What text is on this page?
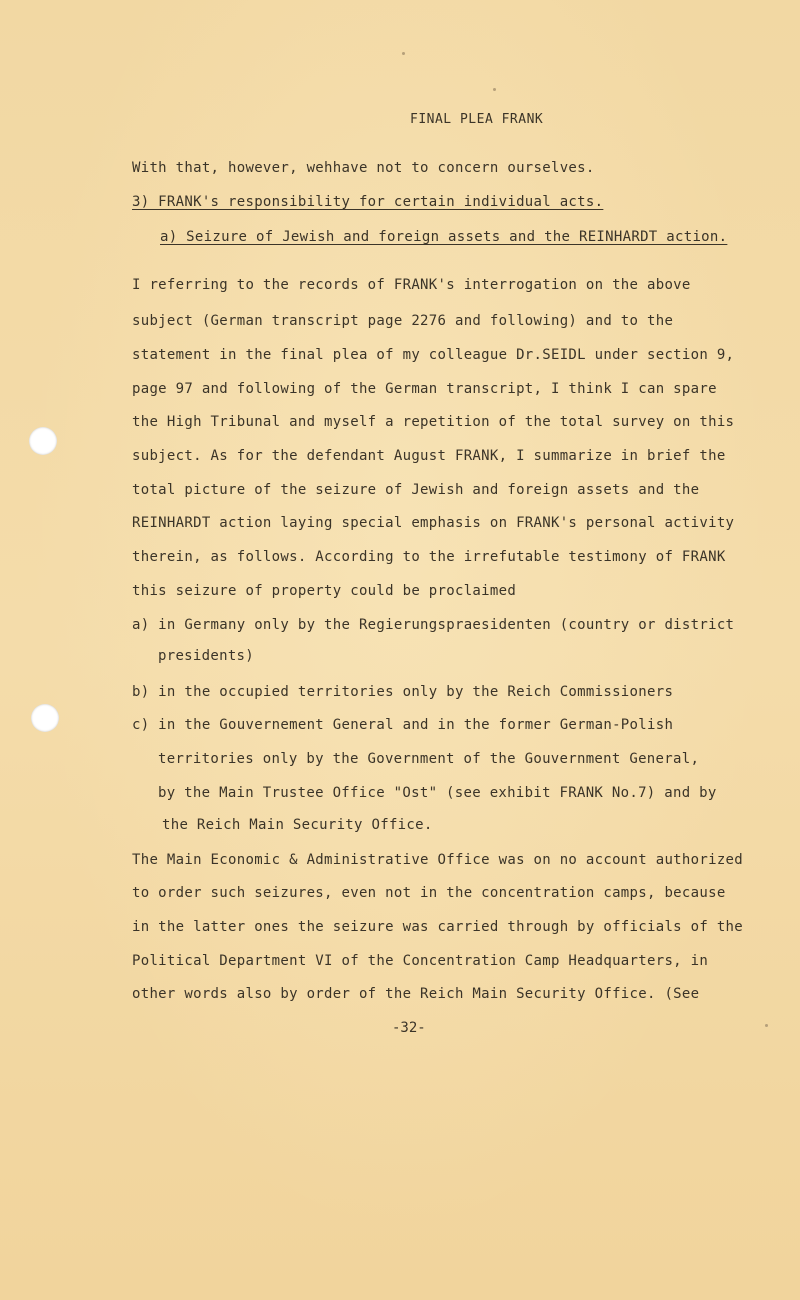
FINAL PLEA FRANK
With that, however, wehhave not to concern ourselves.
3) FRANK's responsibility for certain individual acts.
a) Seizure of Jewish and foreign assets and the REINHARDT action.
I referring to the records of FRANK's interrogation on the above
subject (German transcript page 2276 and following) and to the
statement in the final plea of my colleague Dr.SEIDL under section 9,
page 97 and following of the German transcript, I think I can spare
the High Tribunal and myself a repetition of the total survey on this
subject. As for the defendant August FRANK, I summarize in brief the
total picture of the seizure of Jewish and foreign assets and the
REINHARDT action laying special emphasis on FRANK's personal activity
therein, as follows. According to the irrefutable testimony of FRANK
this seizure of property could be proclaimed
a) in Germany only by the Regierungspraesidenten (country or district
presidents)
b) in the occupied territories only by the Reich Commissioners
c) in the Gouvernement General and in the former German-Polish
territories only by the Government of the Gouvernment General,
by the Main Trustee Office "Ost" (see exhibit FRANK No.7) and by
the Reich Main Security Office.
The Main Economic & Administrative Office was on no account authorized
to order such seizures, even not in the concentration camps, because
in the latter ones the seizure was carried through by officials of the
Political Department VI of the Concentration Camp Headquarters, in
other words also by order of the Reich Main Security Office. (See
-32-
